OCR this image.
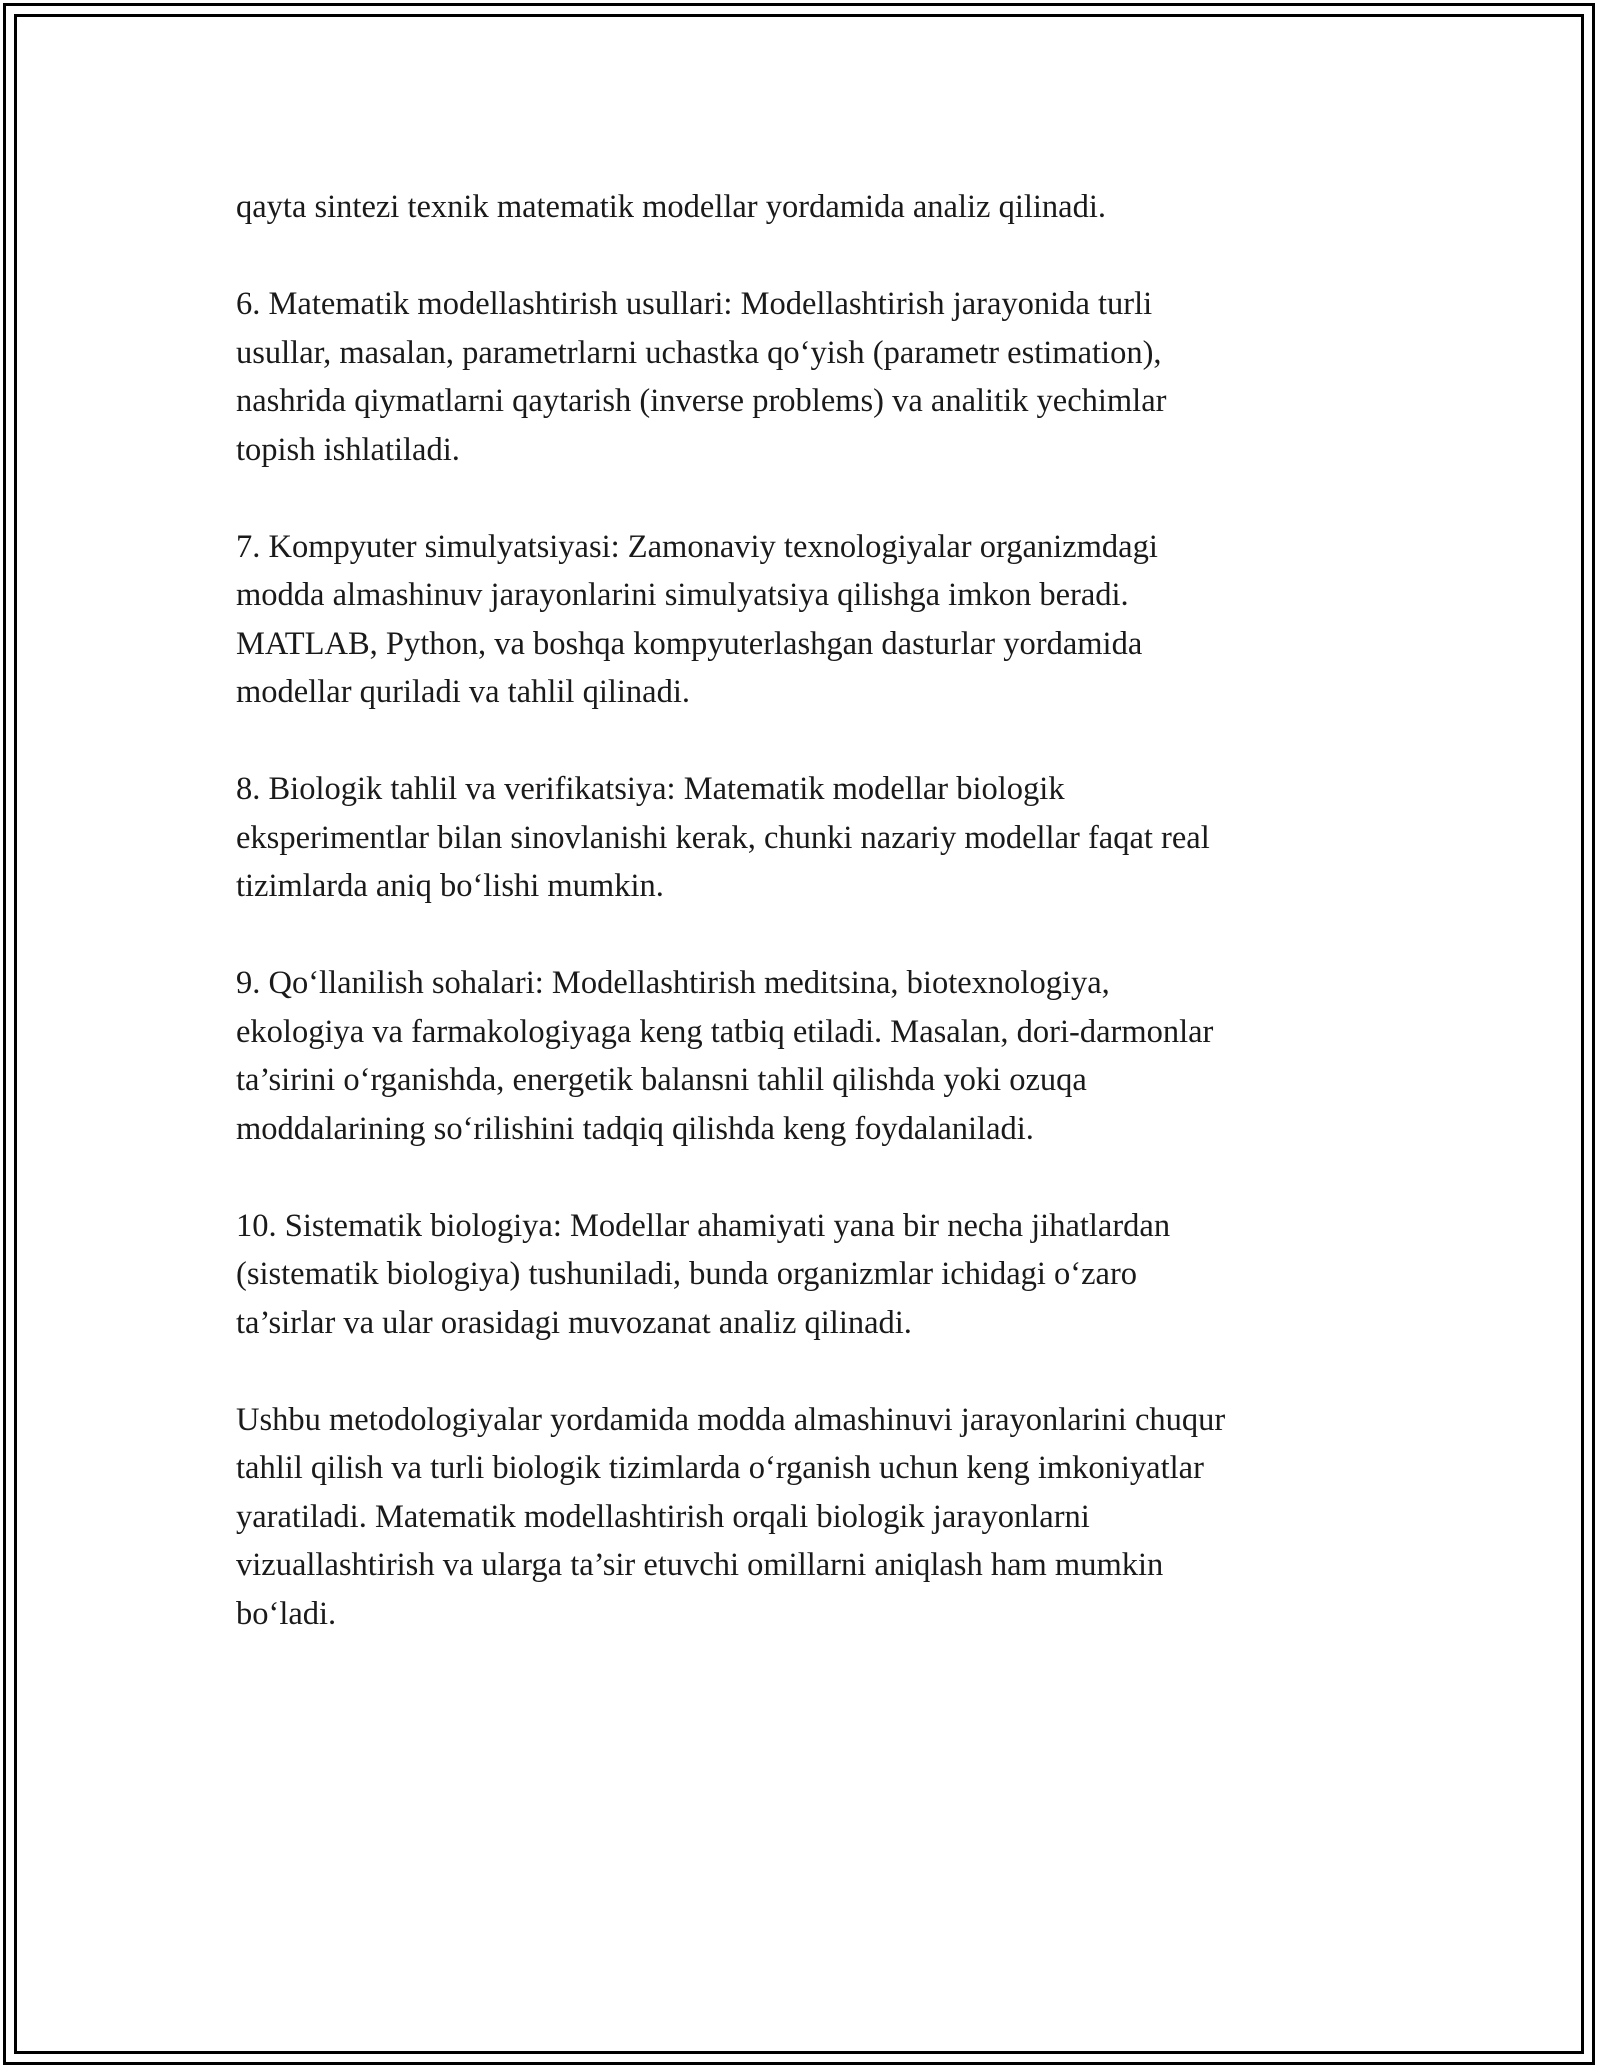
qayta sintezi texnik matematik modellar yordamida analiz qilinadi.

6. Matematik modellashtirish usullari: Modellashtirish jarayonida turli
usullar, masalan, parametrlarni uchastka qo‘yish (parametr estimation),
nashrida qiymatlarni qaytarish (inverse problems) va analitik yechimlar
topish ishlatiladi.

7. Kompyuter simulyatsiyasi: Zamonaviy texnologiyalar organizmdagi
modda almashinuv jarayonlarini simulyatsiya qilishga imkon beradi.
MATLAB, Python, va boshqa kompyuterlashgan dasturlar yordamida
modellar quriladi va tahlil qilinadi.

8. Biologik tahlil va verifikatsiya: Matematik modellar biologik
eksperimentlar bilan sinovlanishi kerak, chunki nazariy modellar faqat real
tizimlarda aniq bo‘lishi mumkin.

9. Qo‘llanilish sohalari: Modellashtirish meditsina, biotexnologiya,
ekologiya va farmakologiyaga keng tatbiq etiladi. Masalan, dori-darmonlar
ta’sirini o‘rganishda, energetik balansni tahlil qilishda yoki ozuqa
moddalarining so‘rilishini tadqiq qilishda keng foydalaniladi.

10. Sistematik biologiya: Modellar ahamiyati yana bir necha jihatlardan
(sistematik biologiya) tushuniladi, bunda organizmlar ichidagi o‘zaro
ta’sirlar va ular orasidagi muvozanat analiz qilinadi.

Ushbu metodologiyalar yordamida modda almashinuvi jarayonlarini chuqur
tahlil qilish va turli biologik tizimlarda o‘rganish uchun keng imkoniyatlar
yaratiladi. Matematik modellashtirish orqali biologik jarayonlarni
vizuallashtirish va ularga ta’sir etuvchi omillarni aniqlash ham mumkin
bo‘ladi.
